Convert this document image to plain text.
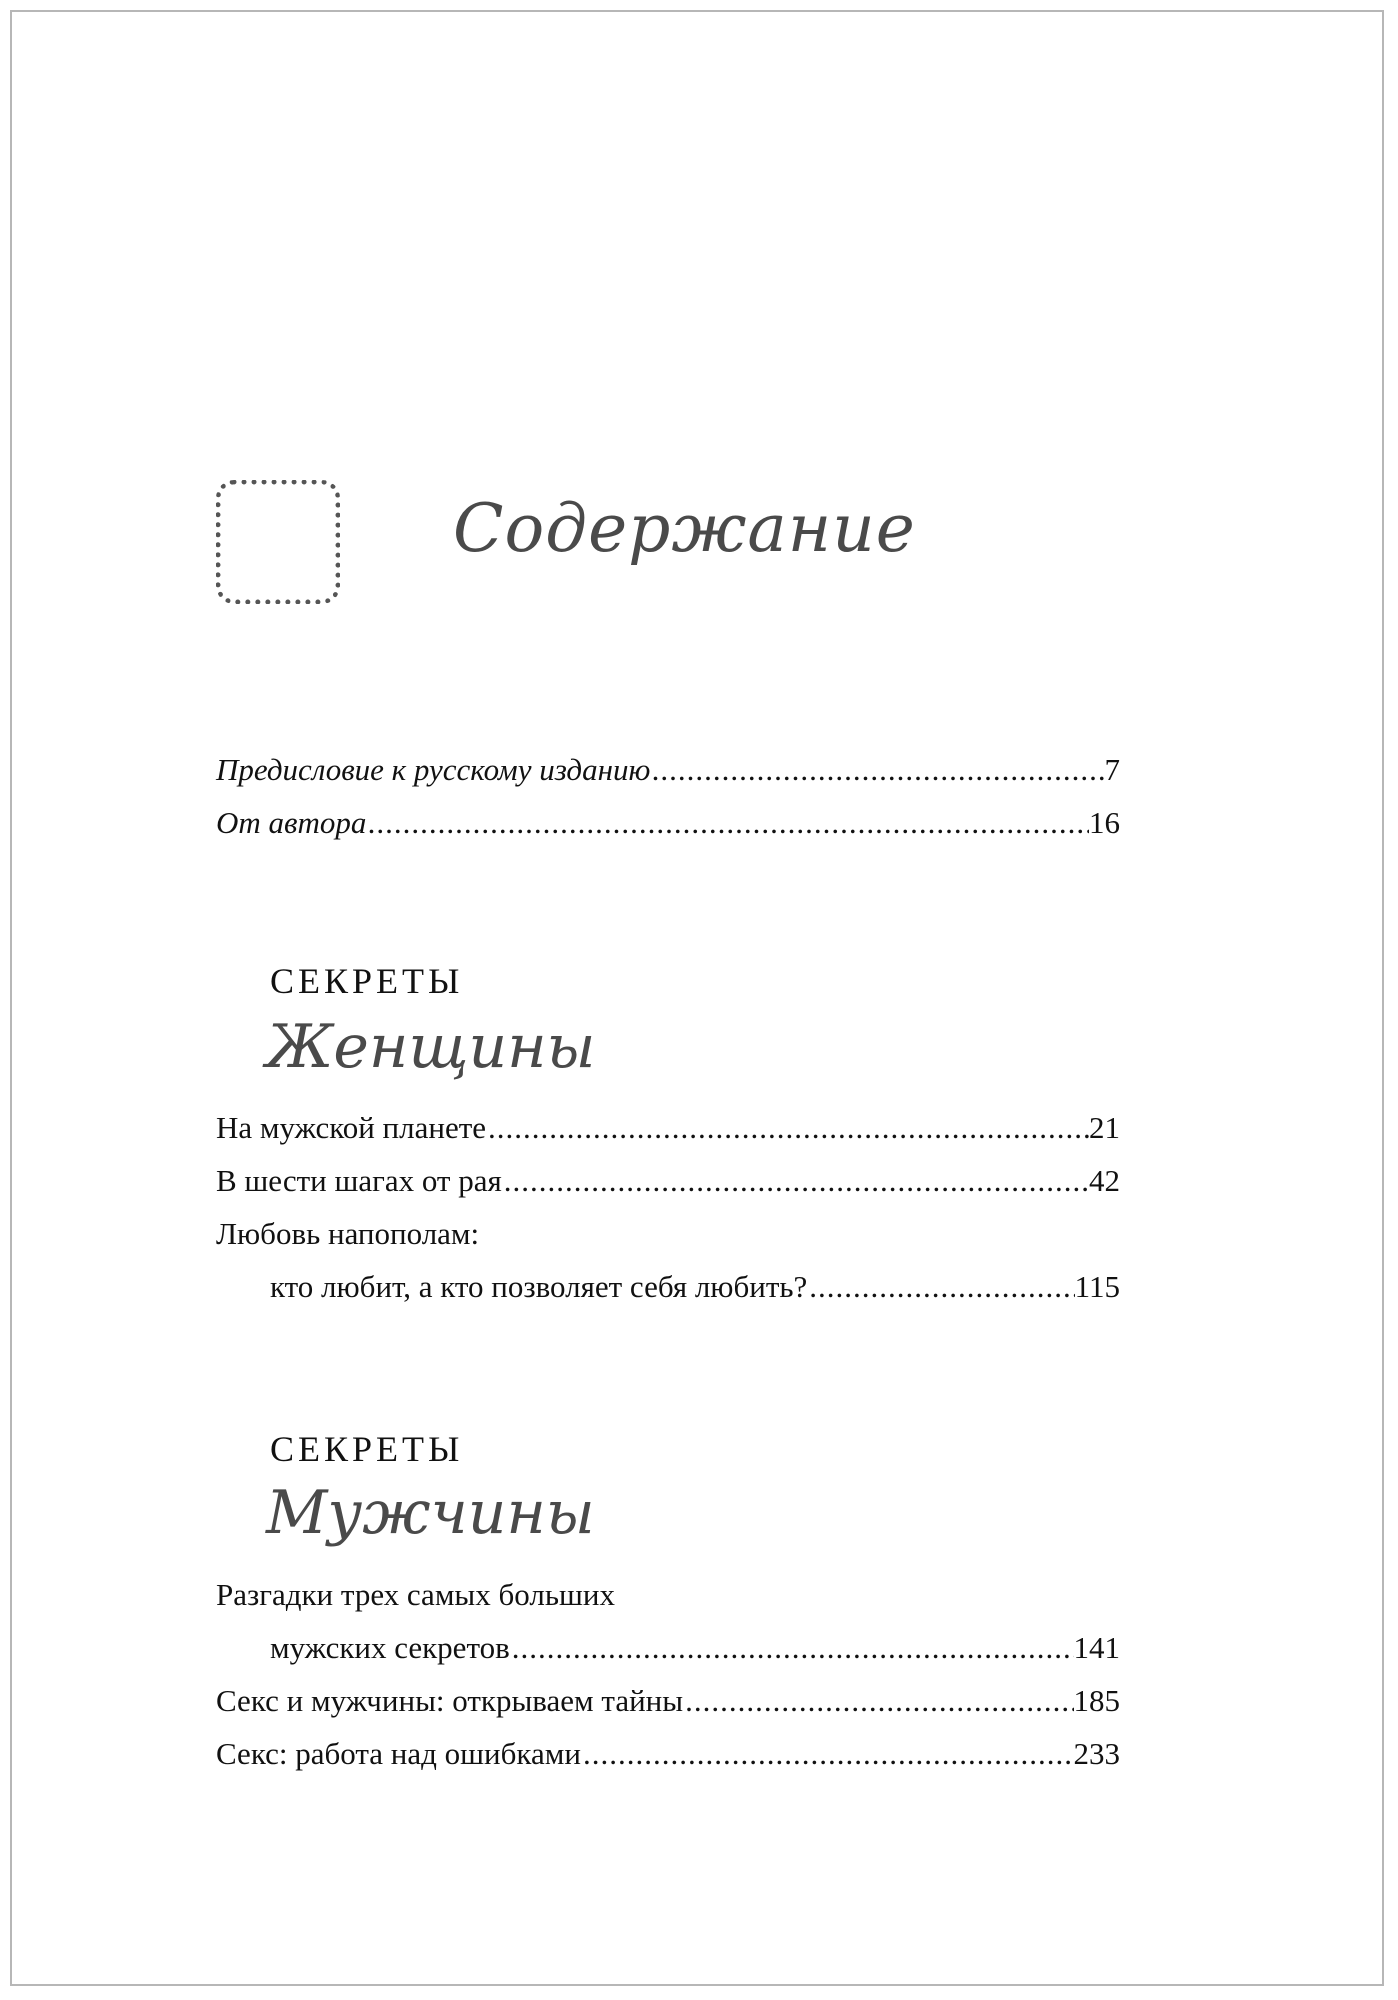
Содержание
Предисловие к русскому изданию .....	7
От автора .....	16
СЕКРЕТЫ
Женщины
На мужской планете .....	21
В шести шагах от рая .....	42
Любовь напополам:
кто любит, а кто позволяет себя любить? .....	115
СЕКРЕТЫ
Мужчины
Разгадки трех самых больших
мужских секретов .....	141
Секс и мужчины: открываем тайны .....	185
Секс: работа над ошибками .....	233
